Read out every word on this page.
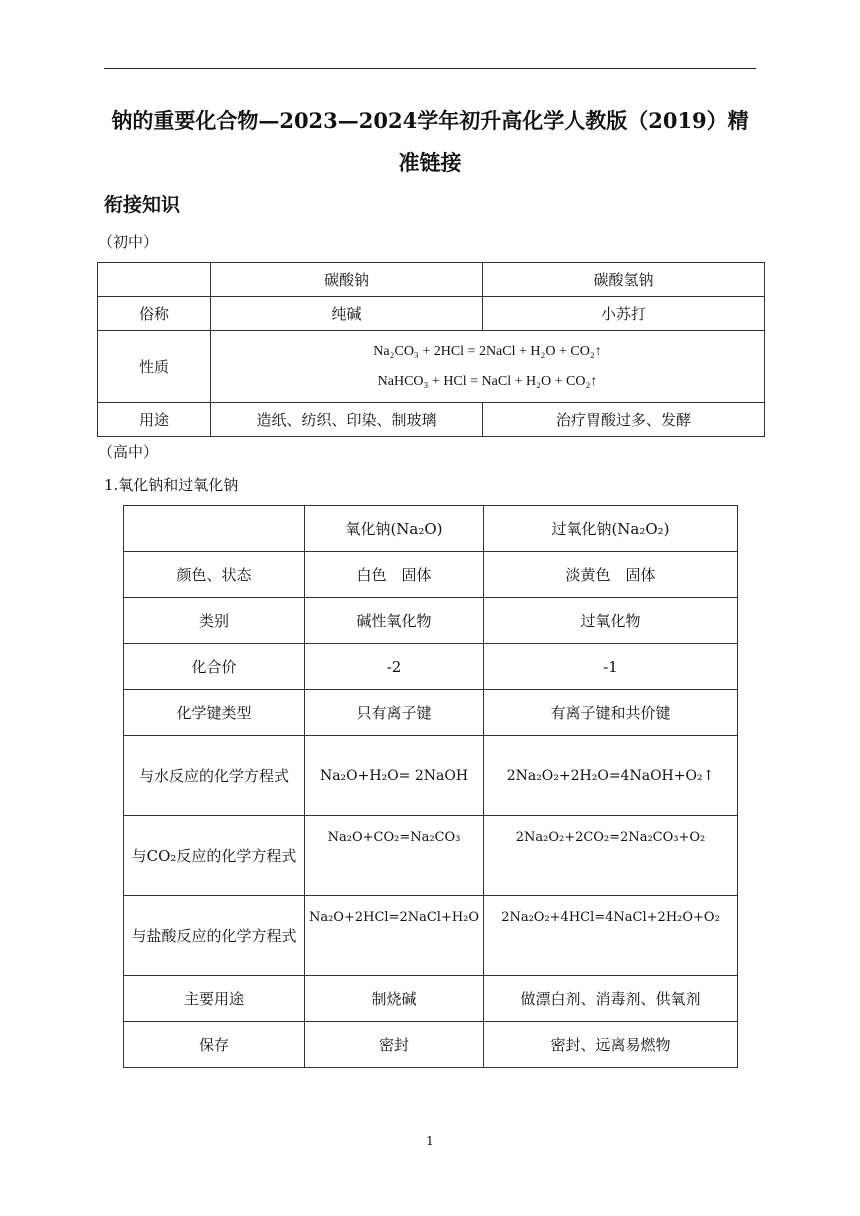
钠的重要化合物—2023—2024学年初升高化学人教版（2019）精准链接
衔接知识
（初中）
	碳酸钠	碳酸氢钠
俗称	纯碱	小苏打
性质	Na₂CO₃ + 2HCl = 2NaCl + H₂O + CO₂↑
NaHCO₃ + HCl = NaCl + H₂O + CO₂↑	

用途	造纸、纺织、印染、制玻璃	治疗胃酸过多、发酵
（高中）
1.氧化钠和过氧化钠
	氧化钠(Na₂O)	过氧化钠(Na₂O₂)
颜色、状态	白色　固体	淡黄色　固体
类别	碱性氧化物	过氧化物
化合价	-2	-1
化学键类型	只有离子键	有离子键和共价键
与水反应的化学方程式	Na₂O+H₂O= 2NaOH	2Na₂O₂+2H₂O=4NaOH+O₂↑
与CO₂反应的化学方程式	Na₂O+CO₂=Na₂CO₃	2Na₂O₂+2CO₂=2Na₂CO₃+O₂
与盐酸反应的化学方程式	Na₂O+2HCl=2NaCl+H₂O	2Na₂O₂+4HCl=4NaCl+2H₂O+O₂
主要用途	制烧碱	做漂白剂、消毒剂、供氧剂
保存	密封	密封、远离易燃物
1
